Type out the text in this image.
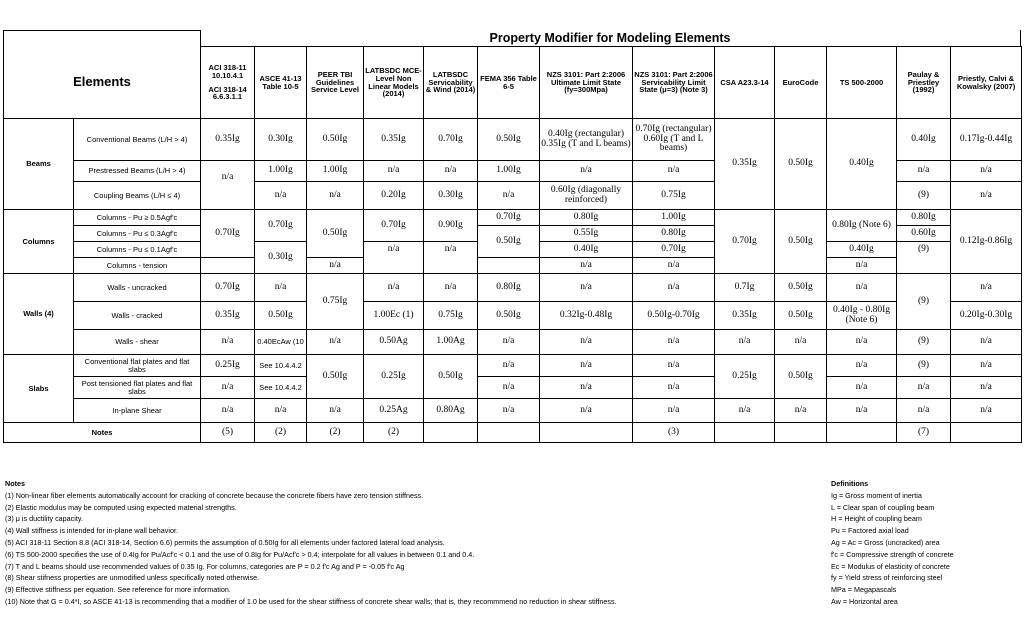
Property Modifier for Modeling Elements

Elements		ACI 318-11
10.10.4.1
ACI 318-14
6.6.3.1.1	ASCE 41-13 Table 10-5	PEER TBI Guidelines Service Level	LATBSDC MCE-Level Non Linear Models (2014)	LATBSDC Servicability & Wind (2014)	FEMA 356 Table 6-5	NZS 3101: Part 2:2006 Ultimate Limit State (fy=300Mpa)	NZS 3101: Part 2:2006 Servicability Limit State (μ=3) (Note 3)	CSA A23.3-14	EuroCode	TS 500-2000	Paulay & Priestley (1992)	Priestly, Calvi & Kowalsky (2007)
Beams	Conventional Beams (L/H > 4)	0.35Ig	0.30Ig	0.50Ig	0.35Ig	0.70Ig	0.50Ig	0.40Ig (rectangular) 0.35Ig (T and L beams)	0.70Ig (rectangular) 0.60Ig (T and L beams)	0.35Ig	0.50Ig	0.40Ig	0.40Ig	0.17Ig-0.44Ig
	Prestressed Beams (L/H > 4)	n/a	1.00Ig	1.00Ig	n/a	n/a	1.00Ig	n/a	n/a				n/a	n/a
	Coupling Beams (L/H ≤ 4)		n/a	n/a	0.20Ig	0.30Ig	n/a	0.60Ig (diagonally reinforced)	0.75Ig				(9)	n/a
Columns	Columns - Pu ≥ 0.5Agf'c	0.70Ig	0.70Ig	0.50Ig	0.70Ig	0.90Ig	0.70Ig	0.80Ig	1.00Ig	0.70Ig	0.50Ig	0.80Ig (Note 6)	0.80Ig	0.12Ig-0.86Ig
	Columns - Pu ≤ 0.3Agf'c						0.50Ig	0.55Ig	0.80Ig				0.60Ig	
	Columns - Pu ≤ 0.1Agf'c		0.30Ig		n/a	n/a		0.40Ig	0.70Ig			0.40Ig	(9)	
	Columns - tension			n/a				n/a	n/a			n/a		
Walls (4)	Walls - uncracked	0.70Ig	n/a	0.75Ig	n/a	n/a	0.80Ig	n/a	n/a	0.7Ig	0.50Ig	n/a	(9)	n/a
	Walls - cracked	0.35Ig	0.50Ig		1.00Ec (1)	0.75Ig	0.50Ig	0.32Ig-0.48Ig	0.50Ig-0.70Ig	0.35Ig	0.50Ig	0.40Ig - 0.80Ig (Note 6)		0.20Ig-0.30Ig
	Walls - shear	n/a	0.40EcAw (10	n/a	0.50Ag	1.00Ag	n/a	n/a	n/a	n/a	n/a	n/a	(9)	n/a
Slabs	Conventional flat plates and flat slabs	0.25Ig	See 10.4.4.2	0.50Ig	0.25Ig	0.50Ig	n/a	n/a	n/a	0.25Ig	0.50Ig	n/a	(9)	n/a
	Post tensioned flat plates and flat slabs	n/a	See 10.4.4.2				n/a	n/a	n/a			n/a	n/a	n/a
	In-plane Shear	n/a	n/a	n/a	0.25Ag	0.80Ag	n/a	n/a	n/a	n/a	n/a	n/a	n/a	n/a
Notes		(5)	(2)	(2)	(2)				(3)				(7)	
Notes
(1) Non-linear fiber elements automatically account for cracking of concrete because the concrete fibers have zero tension stiffness.
(2) Elastic modulus may be computed using expected material strengths.
(3) μ is ductility capacity.
(4) Wall stiffness is intended for in-plane wall behavior.
(5) ACI 318-11 Section 8.8 (ACI 318-14, Section 6.6) permits the assumption of 0.50Ig for all elements under factored lateral load analysis.
(6) TS 500-2000 specifies the use of 0.4Ig for Pu/Acf'c < 0.1 and the use of 0.8Ig for Pu/Acf'c > 0.4; interpolate for all values in between 0.1 and 0.4.
(7) T and L beams should use recommended values of 0.35 Ig. For columns, categories are P = 0.2 f'c Ag and P = -0.05 f'c Ag
(8) Shear stifness properties are unmodified unless specifically noted otherwise.
(9) Effective stiffness per equation. See reference for more information.
(10) Note that G = 0.4*I, so ASCE 41-13 is recommending that a modifier of 1.0 be used for the shear stiffness of concrete shear walls; that is, they recommmend no reduction in shear stiffness.
Definitions
Ig = Gross moment of inertia
L = Clear span of coupling beam
H = Height of coupling beam
Pu = Factored axial load
Ag = Ac = Gross (uncracked) area
f'c = Compressive strength of concrete
Ec = Modulus of elasticity of concrete
fy = Yield stress of reinforcing steel
MPa = Megapascals
Aw = Horizontal area
